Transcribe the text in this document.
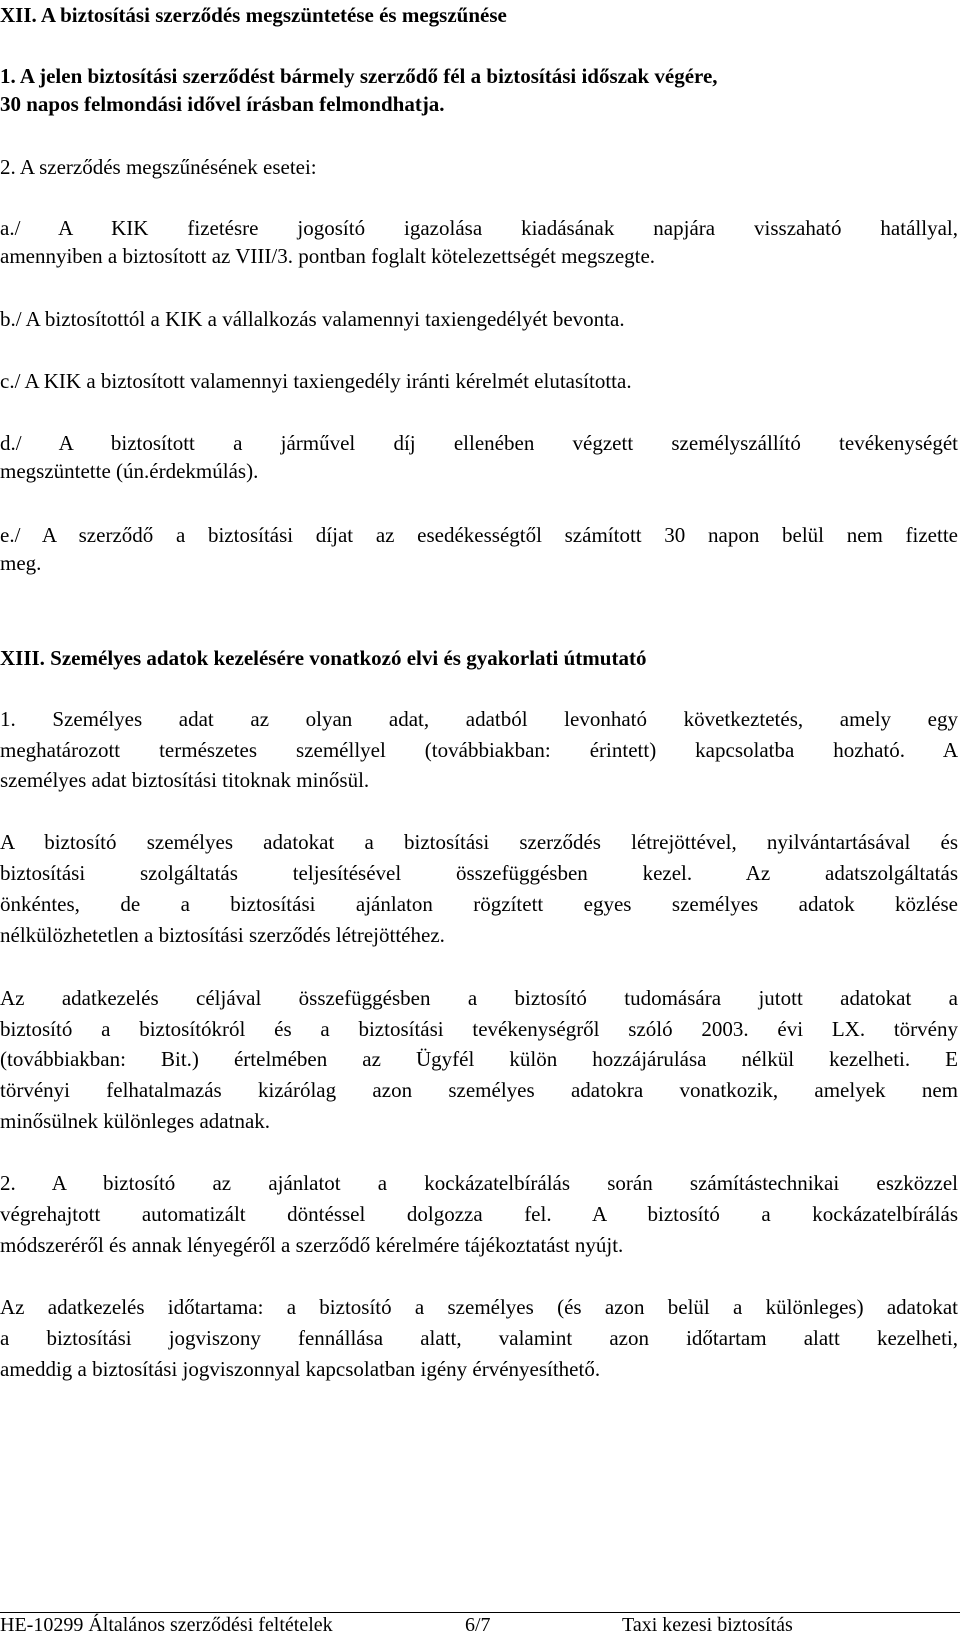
XII. A biztosítási szerződés megszüntetése és megszűnése
1. A jelen biztosítási szerződést bármely szerződő fél a biztosítási időszak végére,
30 napos felmondási idővel írásban felmondhatja.
2. A szerződés megszűnésének esetei:
a./ A KIK fizetésre jogosító igazolása kiadásának napjára visszaható hatállyal,
amennyiben a biztosított az VIII/3. pontban foglalt kötelezettségét megszegte.
b./ A biztosítottól a KIK a vállalkozás valamennyi taxiengedélyét bevonta.
c./ A KIK a biztosított valamennyi taxiengedély iránti kérelmét elutasította.
d./ A biztosított a járművel díj ellenében végzett személyszállító tevékenységét
megszüntette (ún.érdekmúlás).
e./ A szerződő a biztosítási díjat az esedékességtől számított 30 napon belül nem fizette
meg.
XIII. Személyes adatok kezelésére vonatkozó elvi és gyakorlati útmutató
1. Személyes adat az olyan adat, adatból levonható következtetés, amely egy
meghatározott természetes személlyel (továbbiakban: érintett) kapcsolatba hozható. A
személyes adat biztosítási titoknak minősül.
A biztosító személyes adatokat a biztosítási szerződés létrejöttével, nyilvántartásával és
biztosítási szolgáltatás teljesítésével összefüggésben kezel. Az adatszolgáltatás
önkéntes, de a biztosítási ajánlaton rögzített egyes személyes adatok közlése
nélkülözhetetlen a biztosítási szerződés létrejöttéhez.
Az adatkezelés céljával összefüggésben a biztosító tudomására jutott adatokat a
biztosító a biztosítókról és a biztosítási tevékenységről szóló 2003. évi LX. törvény
(továbbiakban: Bit.) értelmében az Ügyfél külön hozzájárulása nélkül kezelheti. E
törvényi felhatalmazás kizárólag azon személyes adatokra vonatkozik, amelyek nem
minősülnek különleges adatnak.
2. A biztosító az ajánlatot a kockázatelbírálás során számítástechnikai eszközzel
végrehajtott automatizált döntéssel dolgozza fel. A biztosító a kockázatelbírálás
módszeréről és annak lényegéről a szerződő kérelmére tájékoztatást nyújt.
Az adatkezelés időtartama: a biztosító a személyes (és azon belül a különleges) adatokat
a biztosítási jogviszony fennállása alatt, valamint azon időtartam alatt kezelheti,
ameddig a biztosítási jogviszonnyal kapcsolatban igény érvényesíthető.
HE-10299 Általános szerződési feltételek	6/7	Taxi kezesi biztosítás
